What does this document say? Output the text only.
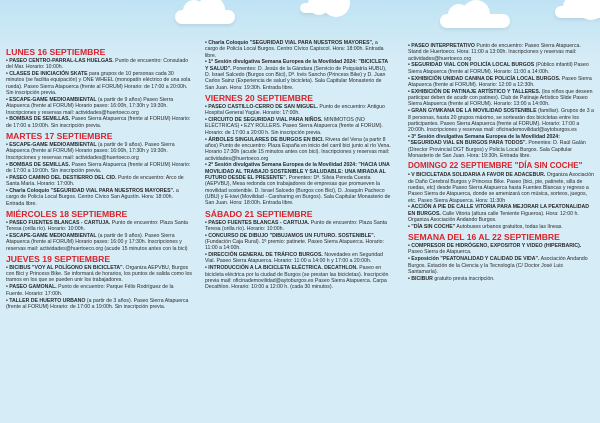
LUNES 16 SEPTIEMBRE
• PASEO CENTRO-PARRAL-LAS HUELGAS. Punto de encuentro: Consulado del Mar. Horario: 10:00h.
• CLASES DE INICIACIÓN SKATE para grupos de 10 personas cada 30 minutos (se facilita equipación) y ONE WHEEL (monopatín eléctrico de una sola rueda). Paseo Sierra Atapuerca (frente al FORUM) Horario: de 17:00 a 20:00h. Sin inscripción previa.
• ESCAPE-GAME MEDIOAMBIENTAL (a partir de 9 años) Paseo Sierra Atapuerca (frente al FORUM) Horario pases: 16:00h, 17:30h y 19:30h. Inscripciones y reservas mail: actividades@huertoeco.org
• BOMBAS DE SEMILLAS. Paseo Sierra Atapuerca (frente al FORUM) Horario: de 17:00 a 19:00h. Sin inscripción previa.
MARTES 17 SEPTIEMBRE
• ESCAPE-GAME MEDIOAMBIENTAL (a partir de 9 años). Paseo Sierra Atapuerca (frente al FORUM) Horario pases: 16:00h, 17:30h y 19:30h. Inscripciones y reservas mail: actividades@huertoeco.org
• BOMBAS DE SEMILLAS. Paseo Sierra Atapuerca (frente al FORUM) Horario: de 17:00 a 19:00h. Sin inscripción previa.
• PASEO CAMINO DEL DESTIERRO DEL CID. Punto de encuentro: Arco de Santa María. Horario: 17:00h.
• Charla Coloquio "SEGURIDAD VIAL PARA NUESTROS MAYORES". a cargo de Policía Local Burgos. Centro Cívico San Agustín. Hora: 18:00h. Entrada libre.
MIÉRCOLES 18 SEPTIEMBRE
• PASEO FUENTES BLANCAS - CARTUJA. Punto de encuentro: Plaza Santa Teresa (orilla río). Horario: 10:00h.
• ESCAPE-GAME MEDIOAMBIENTAL (a partir de 9 años). Paseo Sierra Atapuerca (frente al FORUM) Horario pases: 16:00 y 17:30h. Inscripciones y reservas mail: actividades@huertoeco.org (acude 15 minutos antes con la bici)
JUEVES 19 SEPTIEMBRE
• BICIBUS "VOY AL POLÍGONO EN BICICLETA". Organiza AEPVBU, Burgos con Bici y Princess Bike. Se informará de horarios, los puntos de salida como los tramos en los que se pueden unir los trabajadores.
• PASEO GAMONAL. Punto de encuentro: Parque Félix Rodríguez de la Fuente. Horario: 17:00h.
• TALLER DE HUERTO URBANO (a partir de 3 años). Paseo Sierra Atapuerca (frente al FORUM) Horario: de 17:00 a 19:00h. Sin inscripción previa.
• Charla Coloquio "SEGURIDAD VIAL PARA NUESTROS MAYORES", a cargo de Policía Local Burgos. Centro Cívico Capiscol. Hora: 18:00h. Entrada libre.
• 1ª Sesión divulgativa Semana Europea de la Movilidad 2024: "BICICLETA Y SALUD". Ponentes: D. Jesús de la Gándara (Servicio de Psiquiatría HUBU), D. Israel Salcedo (Burgos con Bici), Dª. Inés Sancho (Princess Bike) y D. Juan Carlos Sainz (Experiencia de salud y bicicleta). Sala Capitular Monasterio de San Juan. Hora: 19:30h. Entrada libre.
VIERNES 20 SEPTIEMBRE
• PASEO CASTILLO-CERRO DE SAN MIGUEL. Punto de encuentro: Antiguo Hospital General Yagüe. Horario: 17:00h.
• CIRCUITO DE SEGURIDAD VIAL PARA NIÑOS. MINIMOTOS (NO ELÉCTRICAS) • EZY ROLLERS. Paseo Sierra Atapuerca (frente al FORUM). Horario: de 17:00 a 20:00 h. Sin inscripción previa.
• ÁRBOLES SINGULARES DE BURGOS EN BICI. Rivera del Vena (a partir 8 años) Punto de encuentro: Plaza España en inicio del carril bici junto al río Vena. Horario 17:30h (acude 15 minutos antes con bici). Inscripciones y reservas mail: actividades@huertoeco.org
• 2ª Sesión divulgativa Semana Europea de la Movilidad 2024: "HACIA UNA MOVILIDAD AL TRABAJO SOSTENIBLE Y SALUDABLE: UNA MIRADA AL FUTURO DESDE EL PRESENTE". Ponentes: Dª. Silvia Pereda Cuesta (AEPVBU), Mesa redonda con trabajadores de empresas que promueven la movilidad sostenible. D. Israel Salcedo (Burgos con Bici), D. Joaquín Pacheco (UBU) y E-kiwi (Movilidad - Carsharing en Burgos). Sala Capitular Monasterio de San Juan. Hora: 18:00h. Entrada libre.
SÁBADO 21 SEPTIEMBRE
• PASEO FUENTES BLANCAS - CARTUJA. Punto de encuentro: Plaza Santa Teresa (orilla río). Horario: 10:00h.
• CONCURSO DE DIBUJO "DIBUJAMOS UN FUTURO. SOSTENIBLE". (Fundación Caja Rural). 1º premio: patinete. Paseo Sierra Atapuerca. Horario: 11:00 a 14:00h.
• DIRECCIÓN GENERAL DE TRÁFICO BURGOS. Novedades en Seguridad Vial. Paseo Sierra Atapuerca. Horario: 11:00 a 14:00 h y 17:00 a 20:00h.
• INTRODUCCIÓN A LA BICICLETA ELÉCTRICA. DECATHLON. Paseo en bicicleta eléctrica por la ciudad de Burgos (se prestan las bicicletas). Inscripción previa mail: oficinademovilidad@aytoburgos.es Paseo Sierra Atapuerca. Carpa Decathlon. Horario: 10:00 a 12:00 h. (cada 30 minutos).
• PASEO INTERPRETATIVO Punto de encuentro: Paseo Sierra Atapuerca. Stand de Huertoeco. Hora: 11:00 a 13:00h. Inscripciones y reservas mail: actividades@huertoeco.org
• SEGURIDAD VIAL CON POLICÍA LOCAL BURGOS (Público infantil) Paseo Sierra Atapuerca (frente al FORUM). Horario: 11:00 a 14:00h.
• EXHIBICIÓN UNIDAD CANINA DE POLICÍA LOCAL BURGOS. Paseo Sierra Atapuerca (frente al FORUM). Horario: 12:00 a 12:30h.
• EXHIBICIÓN DE PATINAJE ARTÍSTICO Y TALLERES. (los niños que deseen participar deben de acudir con patines). Club de Patinaje Artístico Slide Paseo Sierra Atapuerca (frente al FORUM). Horario: 13:00 a 14:00h.
• GRAN GYMKANA DE LA MOVILIDAD SOSTENIBLE (familiar). Grupos de 3 a 8 personas, hasta 20 grupos máximo, se sortearán dos bicicletas entre los participantes. Paseo Sierra Atapuerca (frente al FORUM). Horario: 17:00 a 20:00h. Inscripciones y reservas mail: oficinademovilidad@aytoburgos.es
• 3ª Sesión divulgativa Semana Europea de la Movilidad 2024: "SEGURIDAD VIAL EN BURGOS PARA TODOS". Ponentes: D. Raúl Galán (Director Provincial DGT Burgos) y Policía Local Burgos. Sala Capitular Monasterio de San Juan. Hora: 19:30h. Entrada libre.
DOMINGO 22 SEPTIEMBRE "DÍA SIN COCHE"
• V BICICLETADA SOLIDARIA A FAVOR DE ADACEBUR. Organiza Asociación de Daño Cerebral Burgos y Princess Bike. Paseo (bici, pie, patinete, silla de ruedas, etc) desde Paseo Sierra Atapuerca hasta Fuentes Blancas y regreso a Paseo Sierra de Atapuerca, donde se amenizará con música, sorteos, juegos, etc. Paseo Sierra Atapuerca. Hora: 11:30h
• ACCIÓN A PIE DE CALLE VITORIA PARA MEJORAR LA PEATONALIDAD EN BURGOS. Calle Vitoria (altura calle Teniente Figueroa). Hora: 12:00 h. Organiza Asociación Andando Burgos.
• "DÍA SIN COCHE" Autobuses urbanos gratuitos, todas las líneas.
SEMANA DEL 16 AL 22 SEPTIEMBRE
• COMPRESOR DE HIDRÓGENO, EXPOSITOR Y VIDEO (HIPERBARIC). Paseo Sierra de Atapuerca.
• Exposición "PEATONALIDAD Y CALIDAD DE VIDA". Asociación Andando Burgos. Estación de la Ciencia y la Tecnología (C/ Doctor José Luis Santamaría).
• BICIBUR gratuito previa inscripción.
